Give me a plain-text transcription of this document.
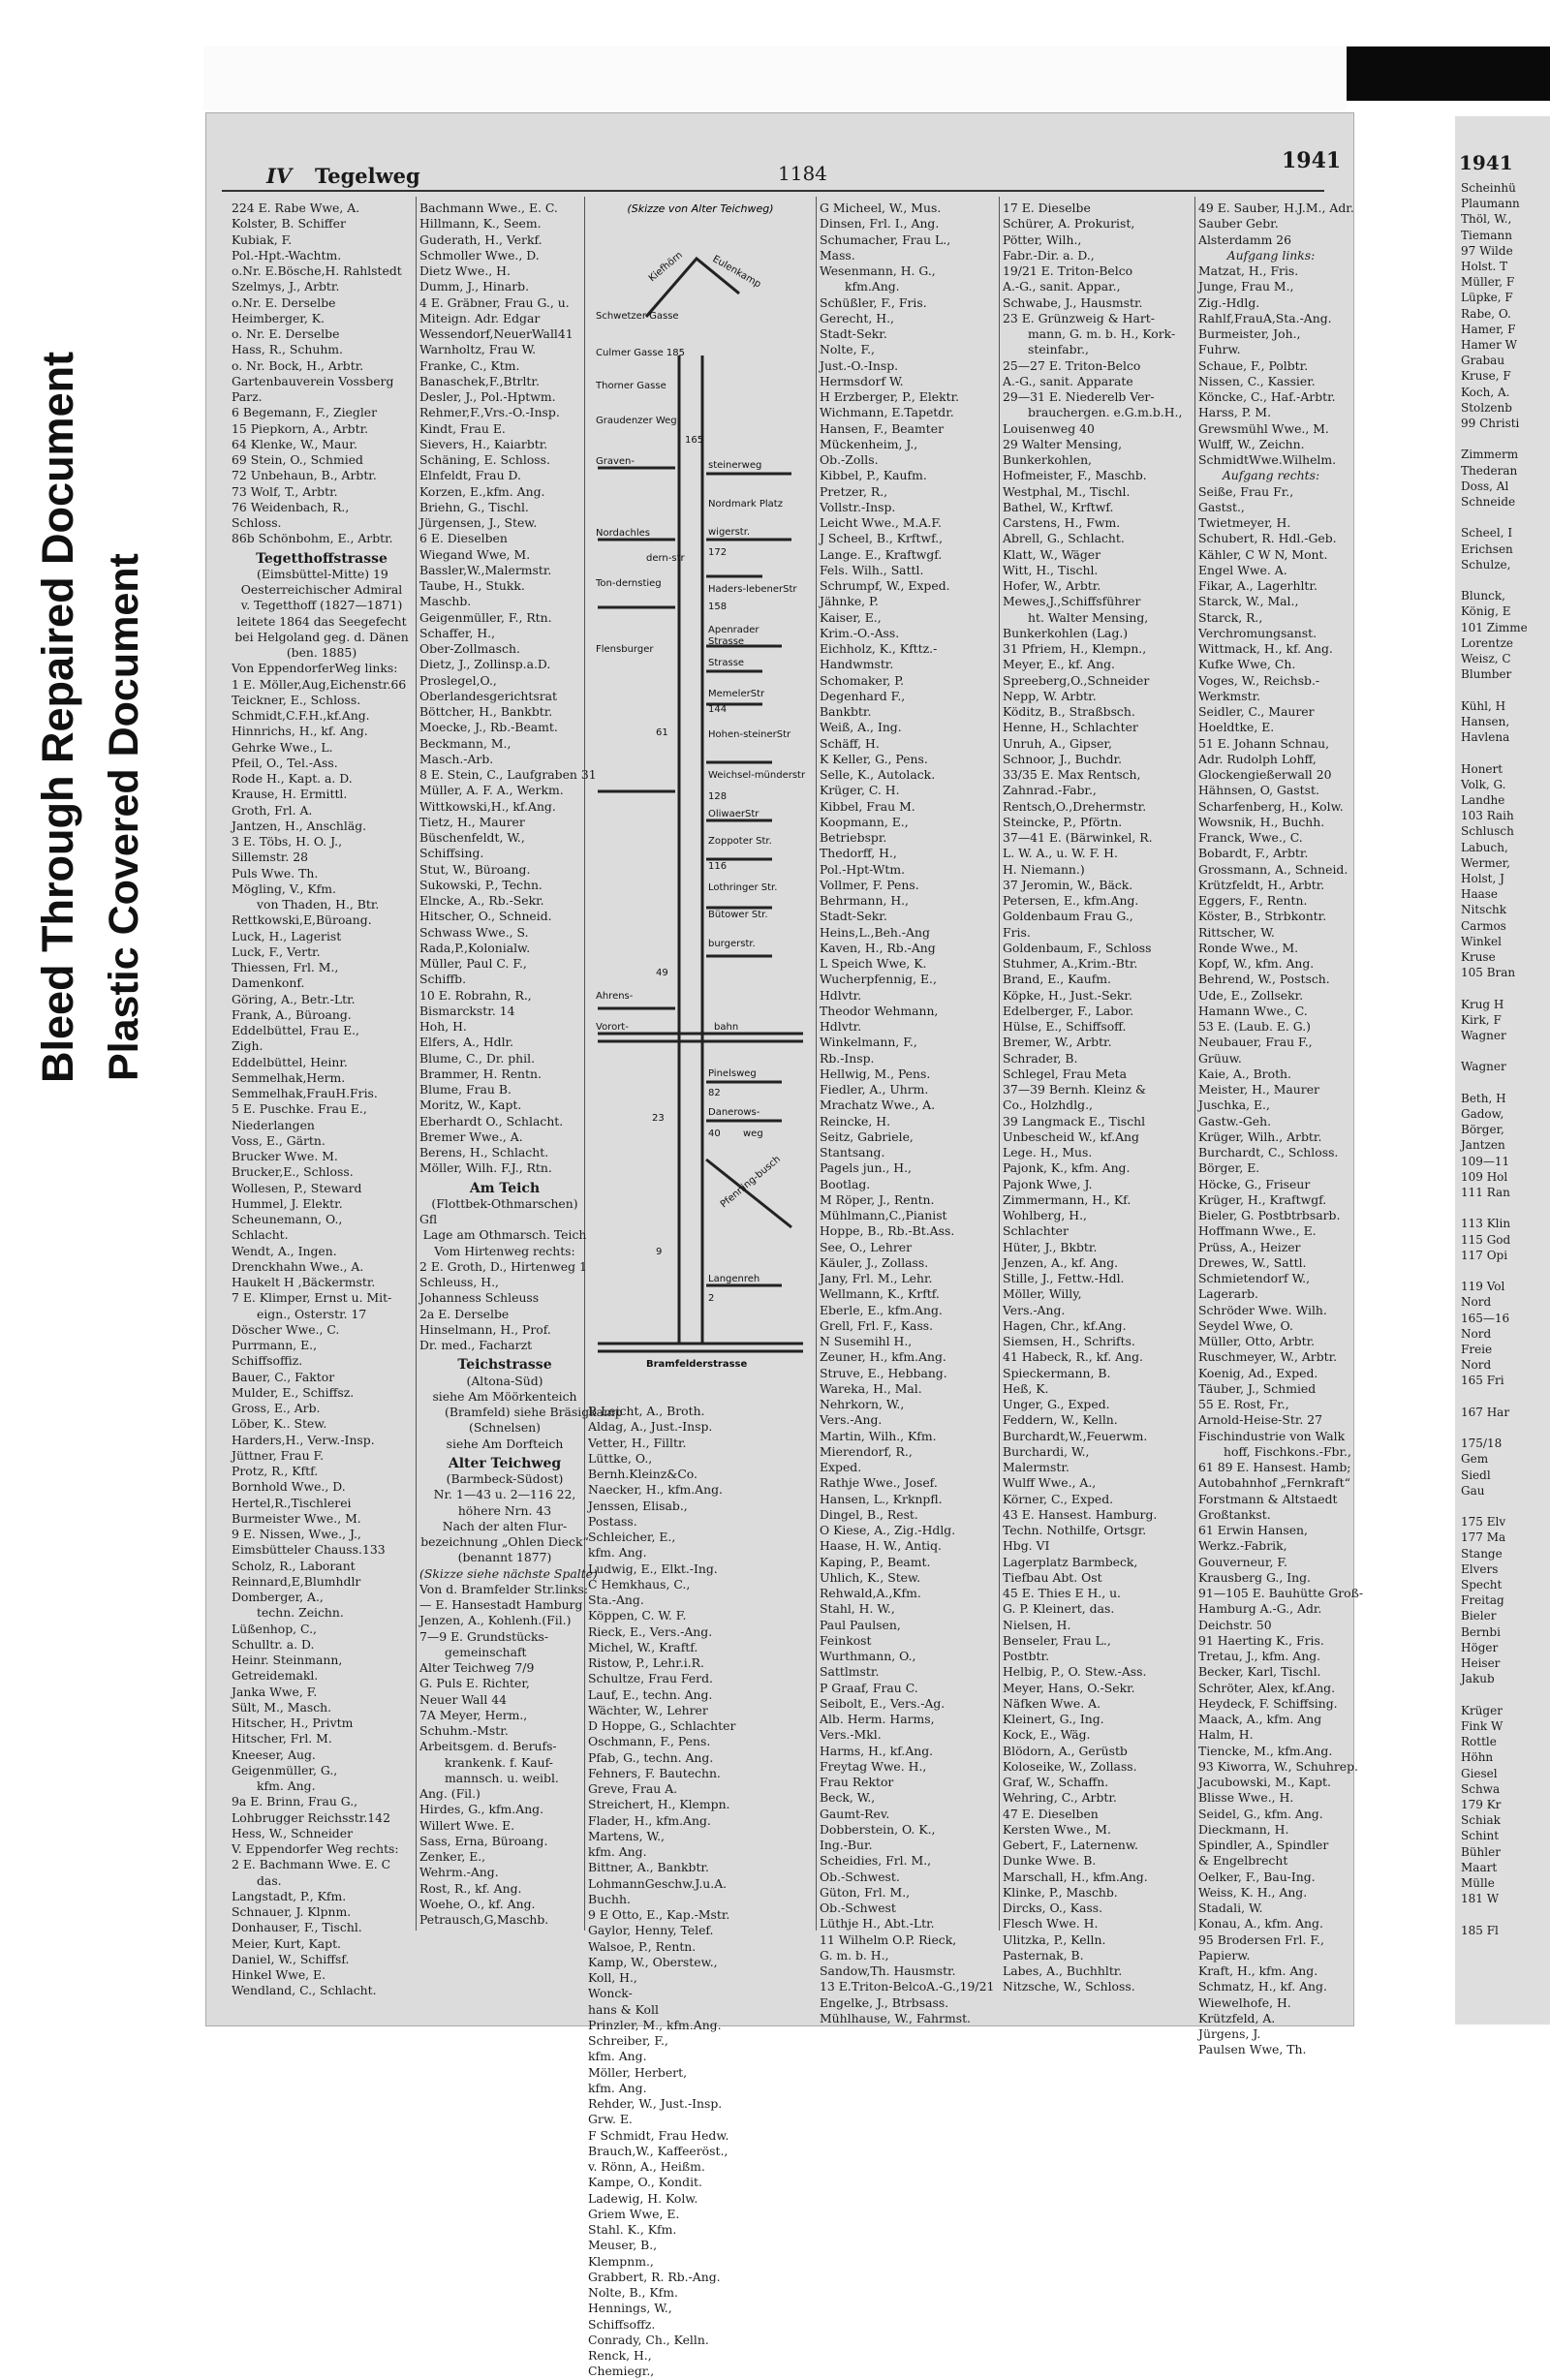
Bleed Through Repaired Document Plastic Covered Document
IV Tegelweg	1184	1941
224 E. Rabe Wwe, A.
Kolster, B. Schiffer
Kubiak, F.
Pol.-Hpt.-Wachtm.
o.Nr. E.Bösche,H. Rahlstedt
Szelmys, J., Arbtr.
o.Nr. E. Derselbe
Heimberger, K.
o. Nr. E. Derselbe
Hass, R., Schuhm.
o. Nr. Bock, H., Arbtr.
Gartenbauverein Vossberg
Parz.
6 Begemann, F., Ziegler
15 Piepkorn, A., Arbtr.
64 Klenke, W., Maur.
69 Stein, O., Schmied
72 Unbehaun, B., Arbtr.
73 Wolf, T., Arbtr.
76 Weidenbach, R.,
Schloss.
86b Schönbohm, E., Arbtr.
Tegetthoffstrasse
(Eimsbüttel-Mitte) 19
Oesterreichischer Admiral
v. Tegetthoff (1827—1871)
leitete 1864 das Seegefecht
bei Helgoland geg. d. Dänen
(ben. 1885)
Von EppendorferWeg links:
1 E. Möller,Aug,Eichenstr.66
Teickner, E., Schloss.
Schmidt,C.F.H.,kf.Ang.
Hinnrichs, H., kf. Ang.
Gehrke Wwe., L.
Pfeil, O., Tel.-Ass.
Rode H., Kapt. a. D.
Krause, H. Ermittl.
Groth, Frl. A.
Jantzen, H., Anschläg.
3 E. Töbs, H. O. J.,
Sillemstr. 28
Puls Wwe. Th.
Mögling, V., Kfm.
von Thaden, H., Btr.
Rettkowski,E,Büroang.
Luck, H., Lagerist
Luck, F., Vertr.
Thiessen, Frl. M.,
Damenkonf.
Göring, A., Betr.-Ltr.
Frank, A., Büroang.
Eddelbüttel, Frau E.,
Zigh.
Eddelbüttel, Heinr.
Semmelhak,Herm.
Semmelhak,FrauH.Fris.
5 E. Puschke. Frau E.,
Niederlangen
Voss, E., Gärtn.
Brucker Wwe. M.
Brucker,E., Schloss.
Wollesen, P., Steward
Hummel, J. Elektr.
Scheunemann, O.,
Schlacht.
Wendt, A., Ingen.
Drenckhahn Wwe., A.
Haukelt H ,Bäckermstr.
7 E. Klimper, Ernst u. Mit-
eign., Osterstr. 17
Döscher Wwe., C.
Purrmann, E.,
Schiffsoffiz.
Bauer, C., Faktor
Mulder, E., Schiffsz.
Gross, E., Arb.
Löber, K.. Stew.
Harders,H., Verw.-Insp.
Jüttner, Frau F.
Protz, R., Kftf.
Bornhold Wwe., D.
Hertel,R.,Tischlerei
Burmeister Wwe., M.
9 E. Nissen, Wwe., J.,
Eimsbütteler Chauss.133
Scholz, R., Laborant
Reinnard,E,Blumhdlr
Domberger, A.,
techn. Zeichn.
Lüßenhop, C.,
Schulltr. a. D.
Heinr. Steinmann,
Getreidemakl.
Janka Wwe, F.
Sült, M., Masch.
Hitscher, H., Privtm
Hitscher, Frl. M.
Kneeser, Aug.
Geigenmüller, G.,
kfm. Ang.
9a E. Brinn, Frau G.,
Lohbrugger Reichsstr.142
Hess, W., Schneider
V. Eppendorfer Weg rechts:
2 E. Bachmann Wwe. E. C
das.
Langstadt, P., Kfm.
Schnauer, J. Klpnm.
Donhauser, F., Tischl.
Meier, Kurt, Kapt.
Daniel, W., Schiffsf.
Hinkel Wwe, E.
Wendland, C., Schlacht.
Bachmann Wwe., E. C.
Hillmann, K., Seem.
Guderath, H., Verkf.
Schmoller Wwe., D.
Dietz Wwe., H.
Dumm, J., Hinarb.
4 E. Gräbner, Frau G., u.
Miteign. Adr. Edgar
Wessendorf,NeuerWall41
Warnholtz, Frau W.
Franke, C., Ktm.
Banaschek,F.,Btrltr.
Desler, J., Pol.-Hptwm.
Rehmer,F.,Vrs.-O.-Insp.
Kindt, Frau E.
Sievers, H., Kaiarbtr.
Schäning, E. Schloss.
Elnfeldt, Frau D.
Korzen, E.,kfm. Ang.
Briehn, G., Tischl.
Jürgensen, J., Stew.
6 E. Dieselben
Wiegand Wwe, M.
Bassler,W.,Malermstr.
Taube, H., Stukk.
Maschb.
Geigenmüller, F., Rtn.
Schaffer, H.,
Ober-Zollmasch.
Dietz, J., Zollinsp.a.D.
Proslegel,O.,
Oberlandesgerichtsrat
Böttcher, H., Bankbtr.
Moecke, J., Rb.-Beamt.
Beckmann, M.,
Masch.-Arb.
8 E. Stein, C., Laufgraben 31
Müller, A. F. A., Werkm.
Wittkowski,H., kf.Ang.
Tietz, H., Maurer
Büschenfeldt, W.,
Schiffsing.
Stut, W., Büroang.
Sukowski, P., Techn.
Elncke, A., Rb.-Sekr.
Hitscher, O., Schneid.
Schwass Wwe., S.
Rada,P.,Kolonialw.
Müller, Paul C. F.,
Schiffb.
10 E. Robrahn, R.,
Bismarckstr. 14
Hoh, H.
Elfers, A., Hdlr.
Blume, C., Dr. phil.
Brammer, H. Rentn.
Blume, Frau B.
Moritz, W., Kapt.
Eberhardt O., Schlacht.
Bremer Wwe., A.
Berens, H., Schlacht.
Möller, Wilh. F.J., Rtn.
Am Teich
(Flottbek-Othmarschen)
Gfl
Lage am Othmarsch. Teich
Vom Hirtenweg rechts:
2 E. Groth, D., Hirtenweg 1
Schleuss, H.,
Johanness Schleuss
2a E. Derselbe
Hinselmann, H., Prof.
Dr. med., Facharzt
Teichstrasse
(Altona-Süd)
siehe Am Möörkenteich
(Bramfeld) siehe Bräsigkamp
(Schnelsen)
siehe Am Dorfteich
Alter Teichweg
(Barmbeck-Südost)
Nr. 1—43 u. 2—116 22,
höhere Nrn. 43
Nach der alten Flur-
bezeichnung „Ohlen Dieck“
(benannt 1877)
(Skizze siehe nächste Spalte)
Von d. Bramfelder Str.links:
— E. Hansestadt Hamburg
Jenzen, A., Kohlenh.(Fil.)
7—9 E. Grundstücks-
gemeinschaft
Alter Teichweg 7/9
G. Puls E. Richter,
Neuer Wall 44
7A Meyer, Herm.,
Schuhm.-Mstr.
Arbeitsgem. d. Berufs-
krankenk. f. Kauf-
mannsch. u. weibl.
Ang. (Fil.)
Hirdes, G., kfm.Ang.
Willert Wwe. E.
Sass, Erna, Büroang.
Zenker, E.,
Wehrm.-Ang.
Rost, R., kf. Ang.
Woehe, O., kf. Ang.
Petrausch,G,Maschb.
(Skizze von Alter Teichweg)
Kiefhörn	Eulenkamp
Schwetzer Gasse
Culmer Gasse 185
Thorner Gasse
Graudenzer Weg
165
Graven-	steinerweg
Nordmark Platz
Nordachles
Ton-dernstieg
dern-str
wigerstr.
172
Haders-lebenerStr
158
Apenrader
Strasse
Flensburger
Strasse
MemelerStr
144
Hohen-steinerStr
Weichsel-münderstr
128
OliwaerStr
Zoppoter Str.
116
Lothringer Str.
Bütower Str.
burgerstr.
Ahrens-
Vorort-	bahn
49
61
Pinelsweg
82
Danerows-
40 weg
Pfenning-busch
23
Langenreh
2
9
Bramfelderstrasse
B Leicht, A., Broth.
Aldag, A., Just.-Insp.
Vetter, H., Filltr.
Lüttke, O.,
Bernh.Kleinz&Co.
Naecker, H., kfm.Ang.
Jenssen, Elisab.,
Postass.
Schleicher, E.,
kfm. Ang.
Ludwig, E., Elkt.-Ing.
C Hemkhaus, C.,
Sta.-Ang.
Köppen, C. W. F.
Rieck, E., Vers.-Ang.
Michel, W., Kraftf.
Ristow, P., Lehr.i.R.
Schultze, Frau Ferd.
Lauf, E., techn. Ang.
Wächter, W., Lehrer
D Hoppe, G., Schlachter
Oschmann, F., Pens.
Pfab, G., techn. Ang.
Fehners, F. Bautechn.
Greve, Frau A.
Streichert, H., Klempn.
Flader, H., kfm.Ang.
Martens, W.,
kfm. Ang.
Bittner, A., Bankbtr.
LohmannGeschw.J.u.A.
Buchh.
9 E Otto, E., Kap.-Mstr.
Gaylor, Henny, Telef.
Walsoe, P., Rentn.
Kamp, W., Oberstew.,
Koll, H.,
Wonck-
hans & Koll
Prinzler, M., kfm.Ang.
Schreiber, F.,
kfm. Ang.
Möller, Herbert,
kfm. Ang.
Rehder, W., Just.-Insp.
Grw. E.
F Schmidt, Frau Hedw.
Brauch,W., Kaffeeröst.,
v. Rönn, A., Heißm.
Kampe, O., Kondit.
Ladewig, H. Kolw.
Griem Wwe, E.
Stahl. K., Kfm.
Meuser, B.,
Klempnm.,
Grabbert, R. Rb.-Ang.
Nolte, B., Kfm.
Hennings, W.,
Schiffsoffz.
Conrady, Ch., Kelln.
Renck, H.,
Chemiegr.,
G Micheel, W., Mus.
Dinsen, Frl. I., Ang.
Schumacher, Frau L.,
Mass.
Wesenmann, H. G.,
kfm.Ang.
Schüßler, F., Fris.
Gerecht, H.,
Stadt-Sekr.
Nolte, F.,
Just.-O.-Insp.
Hermsdorf W.
H Erzberger, P., Elektr.
Wichmann, E.Tapetdr.
Hansen, F., Beamter
Mückenheim, J.,
Ob.-Zolls.
Kibbel, P., Kaufm.
Pretzer, R.,
Vollstr.-Insp.
Leicht Wwe., M.A.F.
J Scheel, B., Krftwf.,
Lange. E., Kraftwgf.
Fels. Wilh., Sattl.
Schrumpf, W., Exped.
Jähnke, P.
Kaiser, E.,
Krim.-O.-Ass.
Eichholz, K., Kfttz.-
Handwmstr.
Schomaker, P.
Degenhard F.,
Bankbtr.
Weiß, A., Ing.
Schäff, H.
K Keller, G., Pens.
Selle, K., Autolack.
Krüger, C. H.
Kibbel, Frau M.
Koopmann, E.,
Betriebspr.
Thedorff, H.,
Pol.-Hpt-Wtm.
Vollmer, F. Pens.
Behrmann, H.,
Stadt-Sekr.
Heins,L.,Beh.-Ang
Kaven, H., Rb.-Ang
L Speich Wwe, K.
Wucherpfennig, E.,
Hdlvtr.
Theodor Wehmann,
Hdlvtr.
Winkelmann, F.,
Rb.-Insp.
Hellwig, M., Pens.
Fiedler, A., Uhrm.
Mrachatz Wwe., A.
Reincke, H.
Seitz, Gabriele,
Stantsang.
Pagels jun., H.,
Bootlag.
M Röper, J., Rentn.
Mühlmann,C.,Pianist
Hoppe, B., Rb.-Bt.Ass.
See, O., Lehrer
Käuler, J., Zollass.
Jany, Frl. M., Lehr.
Wellmann, K., Krftf.
Eberle, E., kfm.Ang.
Grell, Frl. F., Kass.
N Susemihl H.,
Zeuner, H., kfm.Ang.
Struve, E., Hebbang.
Wareka, H., Mal.
Nehrkorn, W.,
Vers.-Ang.
Martin, Wilh., Kfm.
Mierendorf, R.,
Exped.
Rathje Wwe., Josef.
Hansen, L., Krknpfl.
Dingel, B., Rest.
O Kiese, A., Zig.-Hdlg.
Haase, H. W., Antiq.
Kaping, P., Beamt.
Uhlich, K., Stew.
Rehwald,A.,Kfm.
Stahl, H. W.,
Paul Paulsen,
Feinkost
Wurthmann, O.,
Sattlmstr.
P Graaf, Frau C.
Seibolt, E., Vers.-Ag.
Alb. Herm. Harms,
Vers.-Mkl.
Harms, H., kf.Ang.
Freytag Wwe. H.,
Frau Rektor
Beck, W.,
Gaumt-Rev.
Dobberstein, O. K.,
Ing.-Bur.
Scheidies, Frl. M.,
Ob.-Schwest.
Güton, Frl. M.,
Ob.-Schwest
Lüthje H., Abt.-Ltr.
11 Wilhelm O.P. Rieck,
G. m. b. H.,
Sandow,Th. Hausmstr.
13 E.Triton-BelcoA.-G.,19/21
Engelke, J., Btrbsass.
Mühlhause, W., Fahrmst.
17 E. Dieselbe
Schürer, A. Prokurist,
Pötter, Wilh.,
Fabr.-Dir. a. D.,
19/21 E. Triton-Belco
A.-G., sanit. Appar.,
Schwabe, J., Hausmstr.
23 E. Grünzweig & Hart-
mann, G. m. b. H., Kork-
steinfabr.,
25—27 E. Triton-Belco
A.-G., sanit. Apparate
29—31 E. Niederelb Ver-
brauchergen. e.G.m.b.H.,
Louisenweg 40
29 Walter Mensing,
Bunkerkohlen,
Hofmeister, F., Maschb.
Westphal, M., Tischl.
Bathel, W., Krftwf.
Carstens, H., Fwm.
Abrell, G., Schlacht.
Klatt, W., Wäger
Witt, H., Tischl.
Hofer, W., Arbtr.
Mewes,J.,Schiffsführer
ht. Walter Mensing,
Bunkerkohlen (Lag.)
31 Pfriem, H., Klempn.,
Meyer, E., kf. Ang.
Spreeberg,O.,Schneider
Nepp, W. Arbtr.
Köditz, B., Straßbsch.
Henne, H., Schlachter
Unruh, A., Gipser,
Schnoor, J., Buchdr.
33/35 E. Max Rentsch,
Zahnrad.-Fabr.,
Rentsch,O.,Drehermstr.
Steincke, P., Pförtn.
37—41 E. (Bärwinkel, R.
L. W. A., u. W. F. H.
H. Niemann.)
37 Jeromin, W., Bäck.
Petersen, E., kfm.Ang.
Goldenbaum Frau G.,
Fris.
Goldenbaum, F., Schloss
Stuhmer, A.,Krim.-Btr.
Brand, E., Kaufm.
Köpke, H., Just.-Sekr.
Edelberger, F., Labor.
Hülse, E., Schiffsoff.
Bremer, W., Arbtr.
Schrader, B.
Schlegel, Frau Meta
37—39 Bernh. Kleinz &
Co., Holzhdlg.,
39 Langmack E., Tischl
Unbescheid W., kf.Ang
Lege. H., Mus.
Pajonk, K., kfm. Ang.
Pajonk Wwe, J.
Zimmermann, H., Kf.
Wohlberg, H.,
Schlachter
Hüter, J., Bkbtr.
Jenzen, A., kf. Ang.
Stille, J., Fettw.-Hdl.
Möller, Willy,
Vers.-Ang.
Hagen, Chr., kf.Ang.
Siemsen, H., Schrifts.
41 Habeck, R., kf. Ang.
Spieckermann, B.
Heß, K.
Unger, G., Exped.
Feddern, W., Kelln.
Burchardt,W.,Feuerwm.
Burchardi, W.,
Malermstr.
Wulff Wwe., A.,
Körner, C., Exped.
43 E. Hansest. Hamburg.
Techn. Nothilfe, Ortsgr.
Hbg. VI
Lagerplatz Barmbeck,
Tiefbau Abt. Ost
45 E. Thies E H., u.
G. P. Kleinert, das.
Nielsen, H.
Benseler, Frau L.,
Postbtr.
Helbig, P., O. Stew.-Ass.
Meyer, Hans, O.-Sekr.
Näfken Wwe. A.
Kleinert, G., Ing.
Kock, E., Wäg.
Blödorn, A., Gerüstb
Koloseike, W., Zollass.
Graf, W., Schaffn.
Wehring, C., Arbtr.
47 E. Dieselben
Kersten Wwe., M.
Gebert, F., Laternenw.
Dunke Wwe. B.
Marschall, H., kfm.Ang.
Klinke, P., Maschb.
Dircks, O., Kass.
Flesch Wwe. H.
Ulitzka, P., Kelln.
Pasternak, B.
Labes, A., Buchhltr.
Nitzsche, W., Schloss.
49 E. Sauber, H.J.M., Adr.
Sauber Gebr.
Alsterdamm 26
Aufgang links:
Matzat, H., Fris.
Junge, Frau M.,
Zig.-Hdlg.
Rahlf,FrauA,Sta.-Ang.
Burmeister, Joh.,
Fuhrw.
Schaue, F., Polbtr.
Nissen, C., Kassier.
Köncke, C., Haf.-Arbtr.
Harss, P. M.
Grewsmühl Wwe., M.
Wulff, W., Zeichn.
SchmidtWwe.Wilhelm.
Aufgang rechts:
Seiße, Frau Fr.,
Gastst.,
Twietmeyer, H.
Schubert, R. Hdl.-Geb.
Kähler, C W N, Mont.
Engel Wwe. A.
Fikar, A., Lagerhltr.
Starck, W., Mal.,
Starck, R.,
Verchromungsanst.
Wittmack, H., kf. Ang.
Kufke Wwe, Ch.
Voges, W., Reichsb.-
Werkmstr.
Seidler, C., Maurer
Hoeldtke, E.
51 E. Johann Schnau,
Adr. Rudolph Lohff,
Glockengießerwall 20
Hähnsen, O, Gastst.
Scharfenberg, H., Kolw.
Wowsnik, H., Buchh.
Franck, Wwe., C.
Bobardt, F., Arbtr.
Grossmann, A., Schneid.
Krützfeldt, H., Arbtr.
Eggers, F., Rentn.
Köster, B., Strbkontr.
Rittscher, W.
Ronde Wwe., M.
Kopf, W., kfm. Ang.
Behrend, W., Postsch.
Ude, E., Zollsekr.
Hamann Wwe., C.
53 E. (Laub. E. G.)
Neubauer, Frau F.,
Grüuw.
Kaie, A., Broth.
Meister, H., Maurer
Juschka, E.,
Gastw.-Geh.
Krüger, Wilh., Arbtr.
Burchardt, C., Schloss.
Börger, E.
Höcke, G., Friseur
Krüger, H., Kraftwgf.
Bieler, G. Postbtrbsarb.
Hoffmann Wwe., E.
Prüss, A., Heizer
Drewes, W., Sattl.
Schmietendorf W.,
Lagerarb.
Schröder Wwe. Wilh.
Seydel Wwe, O.
Müller, Otto, Arbtr.
Ruschmeyer, W., Arbtr.
Koenig, Ad., Exped.
Täuber, J., Schmied
55 E. Rost, Fr.,
Arnold-Heise-Str. 27
Fischindustrie von Walk
hoff, Fischkons.-Fbr.,
61 89 E. Hansest. Hamb;
Autobahnhof „Fernkraft“
Forstmann & Altstaedt
Großtankst.
61 Erwin Hansen,
Werkz.-Fabrik,
Gouverneur, F.
Krausberg G., Ing.
91—105 E. Bauhütte Groß-
Hamburg A.-G., Adr.
Deichstr. 50
91 Haerting K., Fris.
Tretau, J., kfm. Ang.
Becker, Karl, Tischl.
Schröter, Alex, kf.Ang.
Heydeck, F. Schiffsing.
Maack, A., kfm. Ang
Halm, H.
Tiencke, M., kfm.Ang.
93 Kiworra, W., Schuhrep.
Jacubowski, M., Kapt.
Blisse Wwe., H.
Seidel, G., kfm. Ang.
Dieckmann, H.
Spindler, A., Spindler
& Engelbrecht
Oelker, F., Bau-Ing.
Weiss, K. H., Ang.
Stadali, W.
Konau, A., kfm. Ang.
95 Brodersen Frl. F.,
Papierw.
Kraft, H., kfm. Ang.
Schmatz, H., kf. Ang.
Wiewelhofe, H.
Krützfeld, A.
Jürgens, J.
Paulsen Wwe, Th.
1941
Scheinhü
Plaumann
Thöl, W.,
Tiemann
97 Wilde
Holst. T
Müller, F
Lüpke, F
Rabe, O.
Hamer, F
Hamer W
Grabau
Kruse, F
Koch, A.
Stolzenb
99 Christi

Zimmerm
Thederan
Doss, Al
Schneide

Scheel, I
Erichsen
Schulze,

Blunck,
König, E
101 Zimme
Lorentze
Weisz, C
Blumber

Kühl, H
Hansen,
Havlena

Honert
Volk, G.
Landhe
103 Raih
Schlusch
Labuch,
Wermer,
Holst, J
Haase
Nitschk
Carmos
Winkel
Kruse
105 Bran

Krug H
Kirk, F
Wagner

Wagner

Beth, H
Gadow,
Börger,
Jantzen
109—11
109 Hol
111 Ran

113 Klin
115 God
117 Opi

119 Vol
Nord
165—16
Nord
Freie
Nord
165 Fri

167 Har

175/18
Gem
Siedl
Gau

175 Elv
177 Ma
Stange
Elvers
Specht
Freitag
Bieler
Bernbi
Höger
Heiser
Jakub

Krüger
Fink W
Rottle
Höhn
Giesel
Schwa
179 Kr
Schiak
Schint
Bühler
Maart
Mülle
181 W

185 Fl
